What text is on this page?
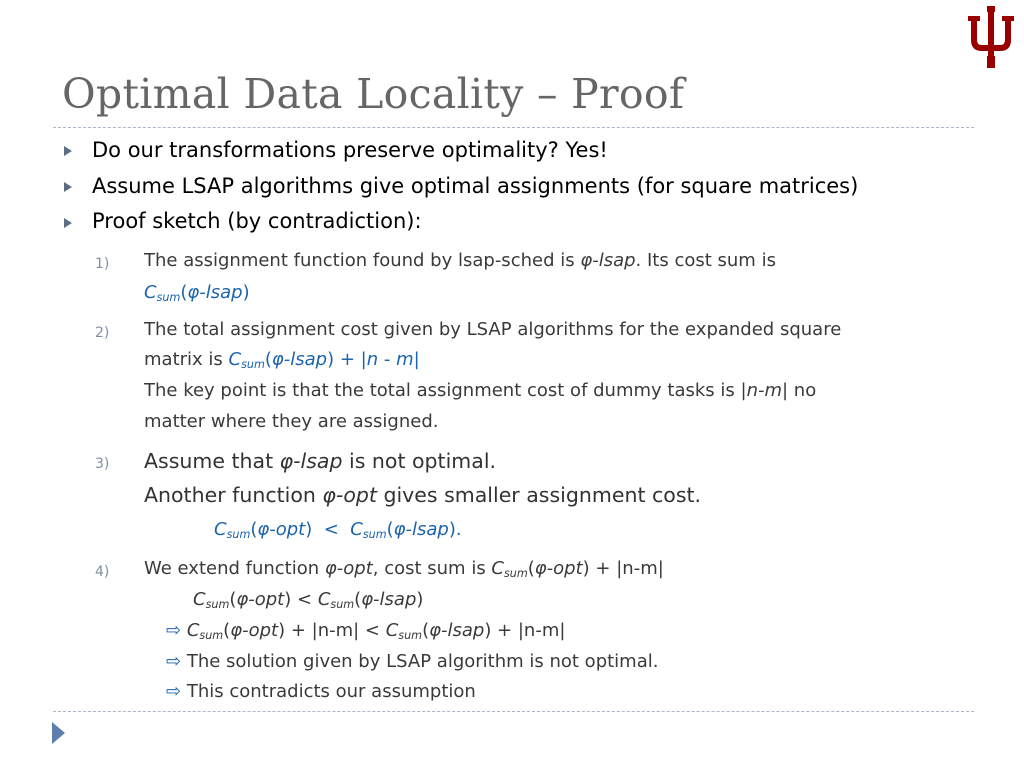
Optimal Data Locality – Proof
Do our transformations preserve optimality? Yes!
Assume LSAP algorithms give optimal assignments (for square matrices)
Proof sketch (by contradiction):
1) The assignment function found by lsap-sched is φ-lsap. Its cost sum is
Csum(φ-lsap)
2) The total assignment cost given by LSAP algorithms for the expanded square
matrix is Csum(φ-lsap) + |n - m|
The key point is that the total assignment cost of dummy tasks is |n-m| no
matter where they are assigned.
3) Assume that φ-lsap is not optimal.
Another function φ-opt gives smaller assignment cost.
Csum(φ-opt)  <  Csum(φ-lsap).
4) We extend function φ-opt, cost sum is Csum(φ-opt) + |n-m|
Csum(φ-opt) < Csum(φ-lsap)
⇨ Csum(φ-opt) + |n-m| < Csum(φ-lsap) + |n-m|
⇨ The solution given by LSAP algorithm is not optimal.
⇨ This contradicts our assumption
